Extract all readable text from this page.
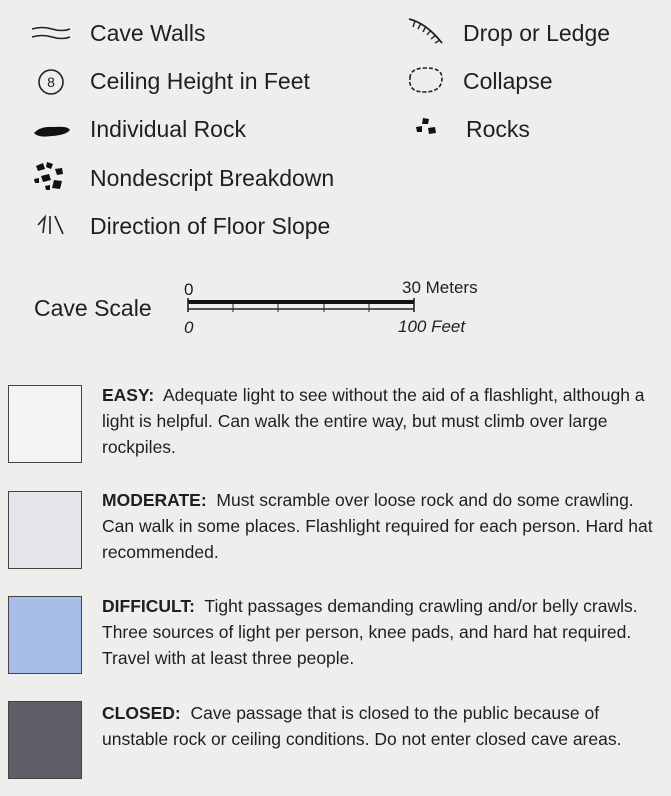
Cave Walls
8 Ceiling Height in Feet
Individual Rock
Nondescript Breakdown
Direction of Floor Slope
Drop or Ledge
Collapse
Rocks
Cave Scale
0	30 Meters
0	100 Feet
EASY: Adequate light to see without the aid of a flashlight, although a light is helpful. Can walk the entire way, but must climb over large rockpiles.
MODERATE: Must scramble over loose rock and do some crawling. Can walk in some places. Flashlight required for each person. Hard hat recommended.
DIFFICULT: Tight passages demanding crawling and/or belly crawls. Three sources of light per person, knee pads, and hard hat required. Travel with at least three people.
CLOSED: Cave passage that is closed to the public because of unstable rock or ceiling conditions. Do not enter closed cave areas.
